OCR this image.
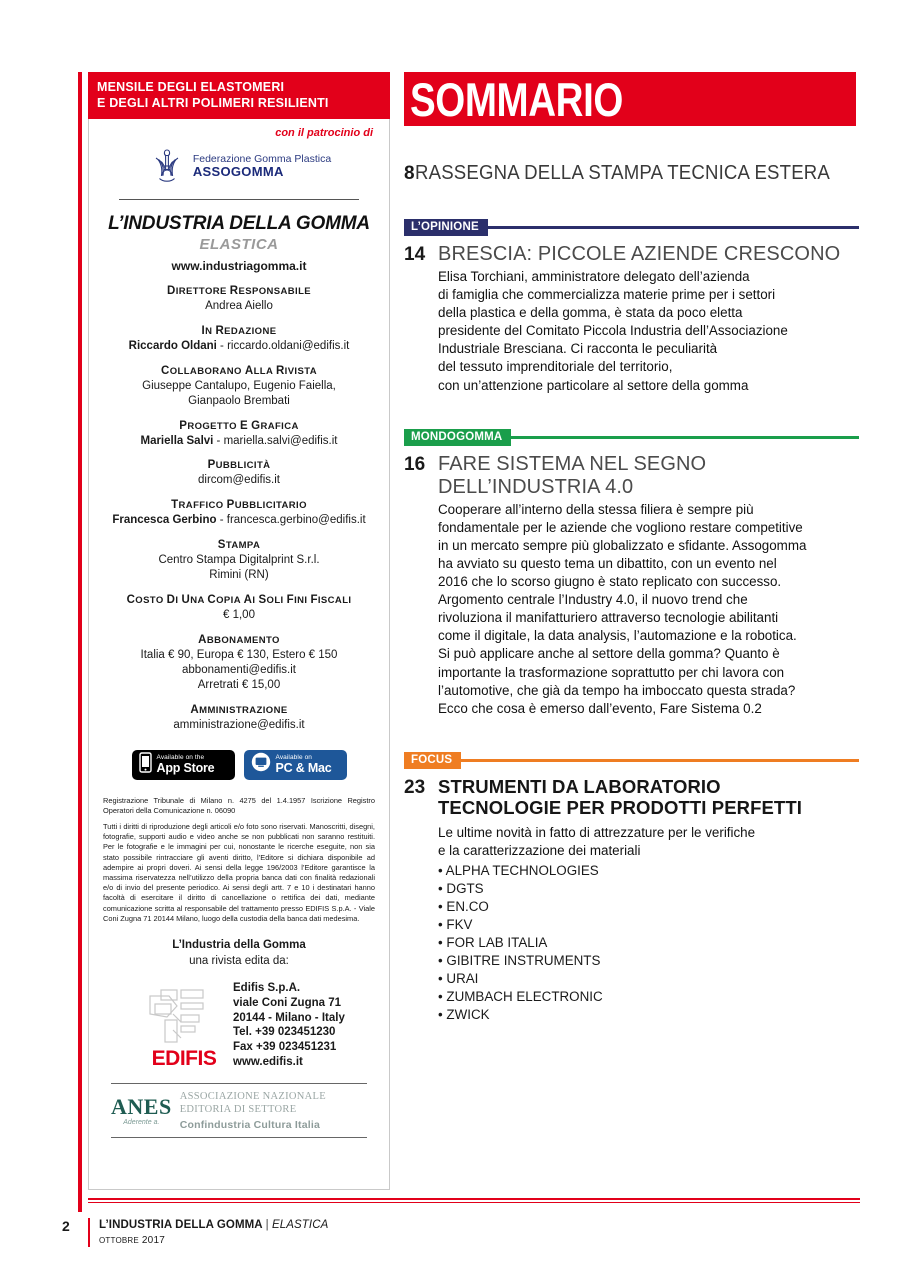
MENSILE DEGLI ELASTOMERI
E DEGLI ALTRI POLIMERI RESILIENTI
con il patrocinio di
Federazione Gomma Plastica
ASSOGOMMA
L’INDUSTRIA DELLA GOMMA
ELASTICA
www.industriagomma.it
DIRETTORE RESPONSABILE
Andrea Aiello
IN REDAZIONE
Riccardo Oldani - riccardo.oldani@edifis.it
COLLABORANO ALLA RIVISTA
Giuseppe Cantalupo, Eugenio Faiella,
Gianpaolo Brembati
PROGETTO E GRAFICA
Mariella Salvi - mariella.salvi@edifis.it
PUBBLICITÀ
dircom@edifis.it
TRAFFICO PUBBLICITARIO
Francesca Gerbino - francesca.gerbino@edifis.it
STAMPA
Centro Stampa Digitalprint S.r.l.
Rimini (RN)
COSTO DI UNA COPIA AI SOLI FINI FISCALI
€ 1,00
ABBONAMENTO
Italia € 90, Europa € 130, Estero € 150
abbonamenti@edifis.it
Arretrati € 15,00
AMMINISTRAZIONE
amministrazione@edifis.it
Available on the
App Store
Available on
PC & Mac

Registrazione Tribunale di Milano n. 4275 del 1.4.1957 Iscrizione Registro Operatori della Comunicazione n. 06090

Tutti i diritti di riproduzione degli articoli e/o foto sono riservati. Manoscritti, disegni, fotografie, supporti audio e video anche se non pubblicati non saranno restituiti. Per le fotografie e le immagini per cui, nonostante le ricerche eseguite, non sia stato possibile rintracciare gli aventi diritto, l’Editore si dichiara disponibile ad adempire ai propri doveri. Ai sensi della legge 196/2003 l’Editore garantisce la massima riservatezza nell’utilizzo della propria banca dati con finalità redazionali e/o di invio del presente periodico. Ai sensi degli artt. 7 e 10 i destinatari hanno facoltà di esercitare il diritto di cancellazione o rettifica dei dati, mediante comunicazione scritta al responsabile del trattamento presso EDIFIS S.p.A. - Viale Coni Zugna 71 20144 Milano, luogo della custodia della banca dati medesima.

L’Industria della Gomma
una rivista edita da:
EDIFIS
Edifis S.p.A.
viale Coni Zugna 71
20144 - Milano - Italy
Tel. +39 023451230
Fax +39 023451231
www.edifis.it
ANES
Aderente a.
ASSOCIAZIONE NAZIONALE
EDITORIA DI SETTORE
Confindustria Cultura Italia
SOMMARIO
8 RASSEGNA DELLA STAMPA TECNICA ESTERA
L’OPINIONE
14 BRESCIA: PICCOLE AZIENDE CRESCONO
Elisa Torchiani, amministratore delegato dell’azienda
di famiglia che commercializza materie prime per i settori
della plastica e della gomma, è stata da poco eletta
presidente del Comitato Piccola Industria dell’Associazione
Industriale Bresciana. Ci racconta le peculiarità
del tessuto imprenditoriale del territorio,
con un’attenzione particolare al settore della gomma
MONDOGOMMA
16 FARE SISTEMA NEL SEGNO
DELL’INDUSTRIA 4.0
Cooperare all’interno della stessa filiera è sempre più
fondamentale per le aziende che vogliono restare competitive
in un mercato sempre più globalizzato e sfidante. Assogomma
ha avviato su questo tema un dibattito, con un evento nel
2016 che lo scorso giugno è stato replicato con successo.
Argomento centrale l’Industry 4.0, il nuovo trend che
rivoluziona il manifatturiero attraverso tecnologie abilitanti
come il digitale, la data analysis, l’automazione e la robotica.
Si può applicare anche al settore della gomma? Quanto è
importante la trasformazione soprattutto per chi lavora con
l’automotive, che già da tempo ha imboccato questa strada?
Ecco che cosa è emerso dall’evento, Fare Sistema 0.2
FOCUS
23 STRUMENTI DA LABORATORIO
TECNOLOGIE PER PRODOTTI PERFETTI
Le ultime novità in fatto di attrezzature per le verifiche
e la caratterizzazione dei materiali
• ALPHA TECHNOLOGIES
• DGTS
• EN.CO
• FKV
• FOR LAB ITALIA
• GIBITRE INSTRUMENTS
• URAI
• ZUMBACH ELECTRONIC
• ZWICK
2	L’INDUSTRIA DELLA GOMMA | ELASTICA
OTTOBRE 2017
